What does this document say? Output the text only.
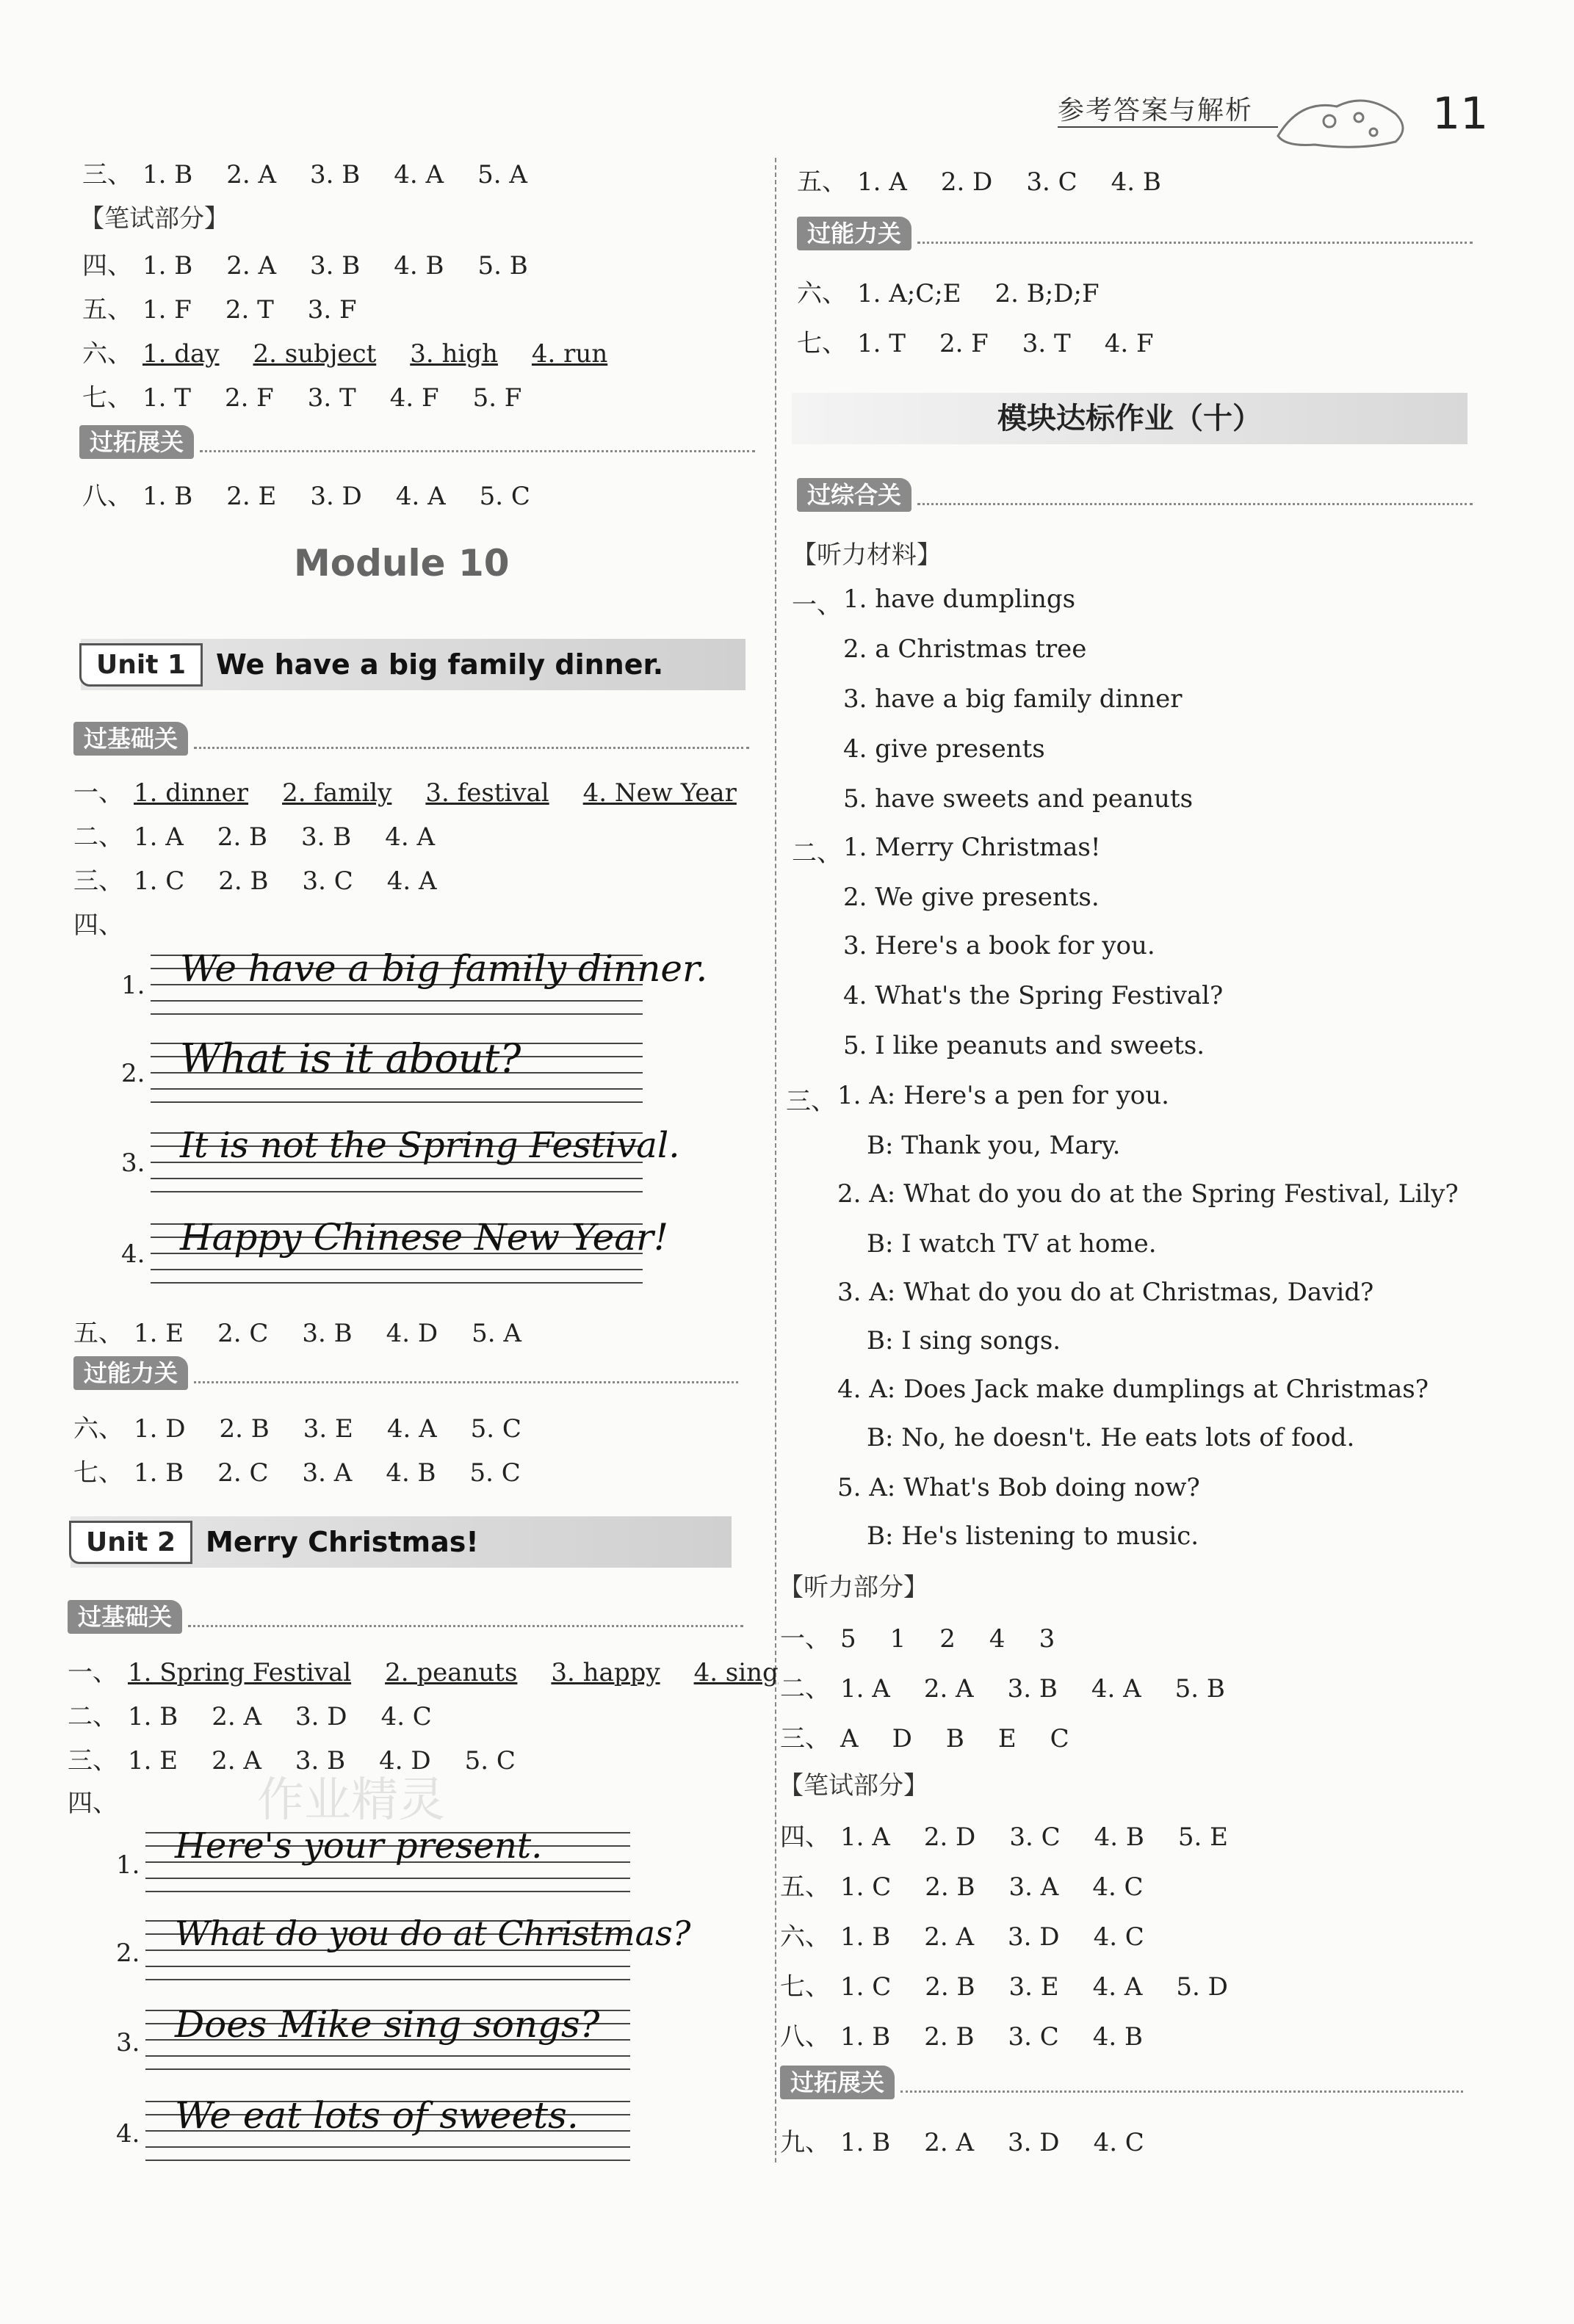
参考答案与解析	11
三、 1. B 2. A 3. B 4. A 5. A
【笔试部分】
四、 1. B 2. A 3. B 4. B 5. B
五、 1. F 2. T 3. F
六、 1. day 2. subject 3. high 4. run
七、 1. T 2. F 3. T 4. F 5. F
过拓展关
八、 1. B 2. E 3. D 4. A 5. C
Module 10
Unit 1	We have a big family dinner.
过基础关
一、 1. dinner 2. family 3. festival 4. New Year
二、 1. A 2. B 3. B 4. A
三、 1. C 2. B 3. C 4. A
四、
1.
2.
3.
4.
We have a big family dinner.
What is it about?
It is not the Spring Festival.
Happy Chinese New Year!
五、 1. E 2. C 3. B 4. D 5. A
过能力关
六、 1. D 2. B 3. E 4. A 5. C
七、 1. B 2. C 3. A 4. B 5. C
Unit 2	Merry Christmas!
过基础关
一、 1. Spring Festival 2. peanuts 3. happy 4. sing
二、 1. B 2. A 3. D 4. C
三、 1. E 2. A 3. B 4. D 5. C
四、
1.
2.
3.
4.
Here's your present.
What do you do at Christmas?
Does Mike sing songs?
We eat lots of sweets.
作业精灵
五、 1. A 2. D 3. C 4. B
过能力关
六、 1. A;C;E 2. B;D;F
七、 1. T 2. F 3. T 4. F
模块达标作业（十）
过综合关
【听力材料】
一、 1. have dumplings
2. a Christmas tree
3. have a big family dinner
4. give presents
5. have sweets and peanuts
二、 1. Merry Christmas!
2. We give presents.
3. Here's a book for you.
4. What's the Spring Festival?
5. I like peanuts and sweets.
三、 1. A: Here's a pen for you.
B: Thank you, Mary.
2. A: What do you do at the Spring Festival, Lily?
B: I watch TV at home.
3. A: What do you do at Christmas, David?
B: I sing songs.
4. A: Does Jack make dumplings at Christmas?
B: No, he doesn't. He eats lots of food.
5. A: What's Bob doing now?
B: He's listening to music.
【听力部分】
一、 5 1 2 4 3
二、 1. A 2. A 3. B 4. A 5. B
三、 A D B E C
【笔试部分】
四、 1. A 2. D 3. C 4. B 5. E
五、 1. C 2. B 3. A 4. C
六、 1. B 2. A 3. D 4. C
七、 1. C 2. B 3. E 4. A 5. D
八、 1. B 2. B 3. C 4. B
过拓展关
九、 1. B 2. A 3. D 4. C
